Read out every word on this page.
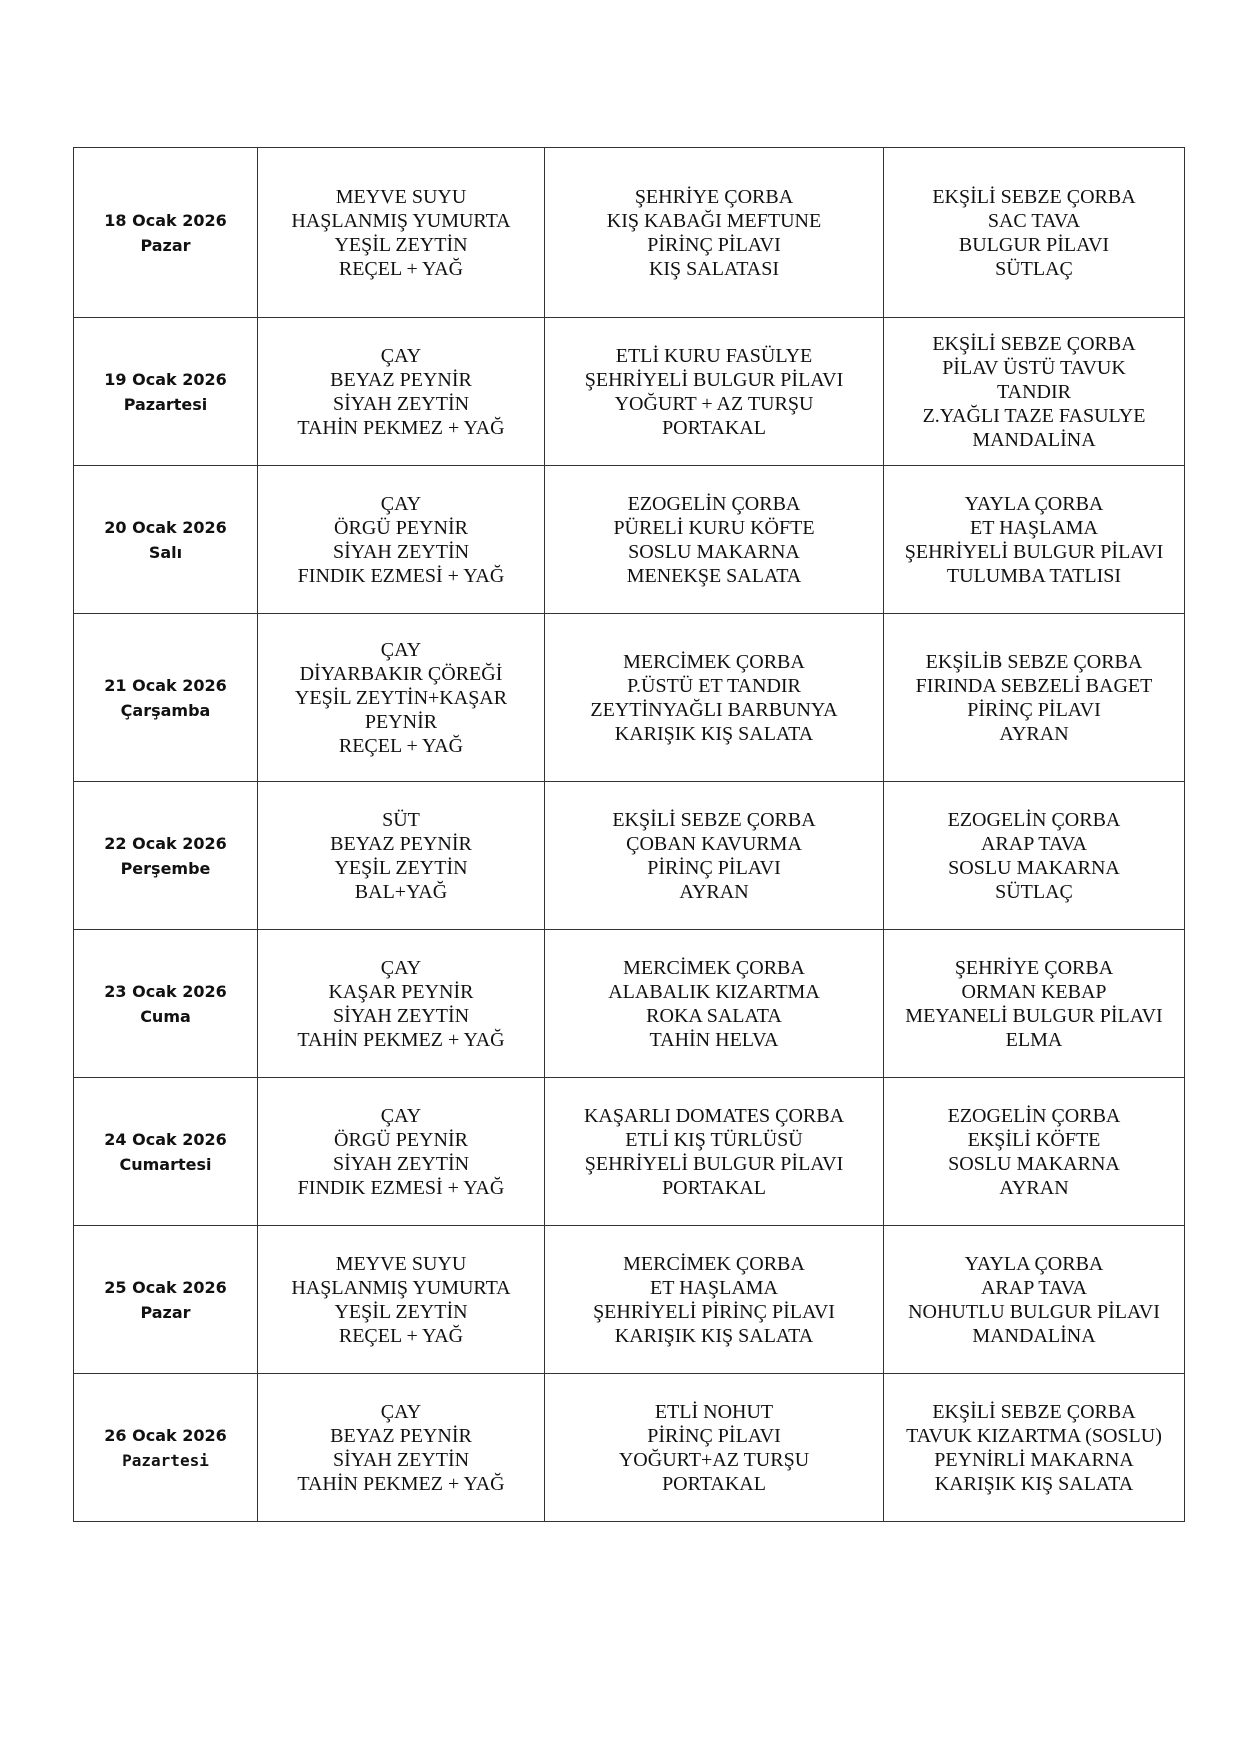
18 Ocak 2026
Pazar	MEYVE SUYU
HAŞLANMIŞ YUMURTA
YEŞİL ZEYTİN
REÇEL + YAĞ	ŞEHRİYE ÇORBA
KIŞ KABAĞI MEFTUNE
PİRİNÇ PİLAVI
KIŞ SALATASI	EKŞİLİ SEBZE ÇORBA
SAC TAVA
BULGUR PİLAVI
SÜTLAÇ

19 Ocak 2026
Pazartesi	ÇAY
BEYAZ PEYNİR
SİYAH ZEYTİN
TAHİN PEKMEZ + YAĞ	ETLİ KURU FASÜLYE
ŞEHRİYELİ BULGUR PİLAVI
YOĞURT + AZ TURŞU
PORTAKAL	EKŞİLİ SEBZE ÇORBA
PİLAV ÜSTÜ TAVUK
TANDIR
Z.YAĞLI TAZE FASULYE
MANDALİNA

20 Ocak 2026
Salı	ÇAY
ÖRGÜ PEYNİR
SİYAH ZEYTİN
FINDIK EZMESİ + YAĞ	EZOGELİN ÇORBA
PÜRELİ KURU KÖFTE
SOSLU MAKARNA
MENEKŞE SALATA	YAYLA ÇORBA
ET HAŞLAMA
ŞEHRİYELİ BULGUR PİLAVI
TULUMBA TATLISI

21 Ocak 2026
Çarşamba	ÇAY
DİYARBAKIR ÇÖREĞİ
YEŞİL ZEYTİN+KAŞAR
PEYNİR
REÇEL + YAĞ	MERCİMEK ÇORBA
P.ÜSTÜ ET TANDIR
ZEYTİNYAĞLI BARBUNYA
KARIŞIK KIŞ SALATA	EKŞİLİB SEBZE ÇORBA
FIRINDA SEBZELİ BAGET
PİRİNÇ PİLAVI
AYRAN

22 Ocak 2026
Perşembe	SÜT
BEYAZ PEYNİR
YEŞİL ZEYTİN
BAL+YAĞ	EKŞİLİ SEBZE ÇORBA
ÇOBAN KAVURMA
PİRİNÇ PİLAVI
AYRAN	EZOGELİN ÇORBA
ARAP TAVA
SOSLU MAKARNA
SÜTLAÇ

23 Ocak 2026
Cuma	ÇAY
KAŞAR PEYNİR
SİYAH ZEYTİN
TAHİN PEKMEZ + YAĞ	MERCİMEK ÇORBA
ALABALIK KIZARTMA
ROKA SALATA
TAHİN HELVA	ŞEHRİYE ÇORBA
ORMAN KEBAP
MEYANELİ BULGUR PİLAVI
ELMA

24 Ocak 2026
Cumartesi	ÇAY
ÖRGÜ PEYNİR
SİYAH ZEYTİN
FINDIK EZMESİ + YAĞ	KAŞARLI DOMATES ÇORBA
ETLİ KIŞ TÜRLÜSÜ
ŞEHRİYELİ BULGUR PİLAVI
PORTAKAL	EZOGELİN ÇORBA
EKŞİLİ KÖFTE
SOSLU MAKARNA
AYRAN

25 Ocak 2026
Pazar	MEYVE SUYU
HAŞLANMIŞ YUMURTA
YEŞİL ZEYTİN
REÇEL + YAĞ	MERCİMEK ÇORBA
ET HAŞLAMA
ŞEHRİYELİ PİRİNÇ PİLAVI
KARIŞIK KIŞ SALATA	YAYLA ÇORBA
ARAP TAVA
NOHUTLU BULGUR PİLAVI
MANDALİNA

26 Ocak 2026
Pazartesi	ÇAY
BEYAZ PEYNİR
SİYAH ZEYTİN
TAHİN PEKMEZ + YAĞ	ETLİ NOHUT
PİRİNÇ PİLAVI
YOĞURT+AZ TURŞU
PORTAKAL	EKŞİLİ SEBZE ÇORBA
TAVUK KIZARTMA (SOSLU)
PEYNİRLİ MAKARNA
KARIŞIK KIŞ SALATA
